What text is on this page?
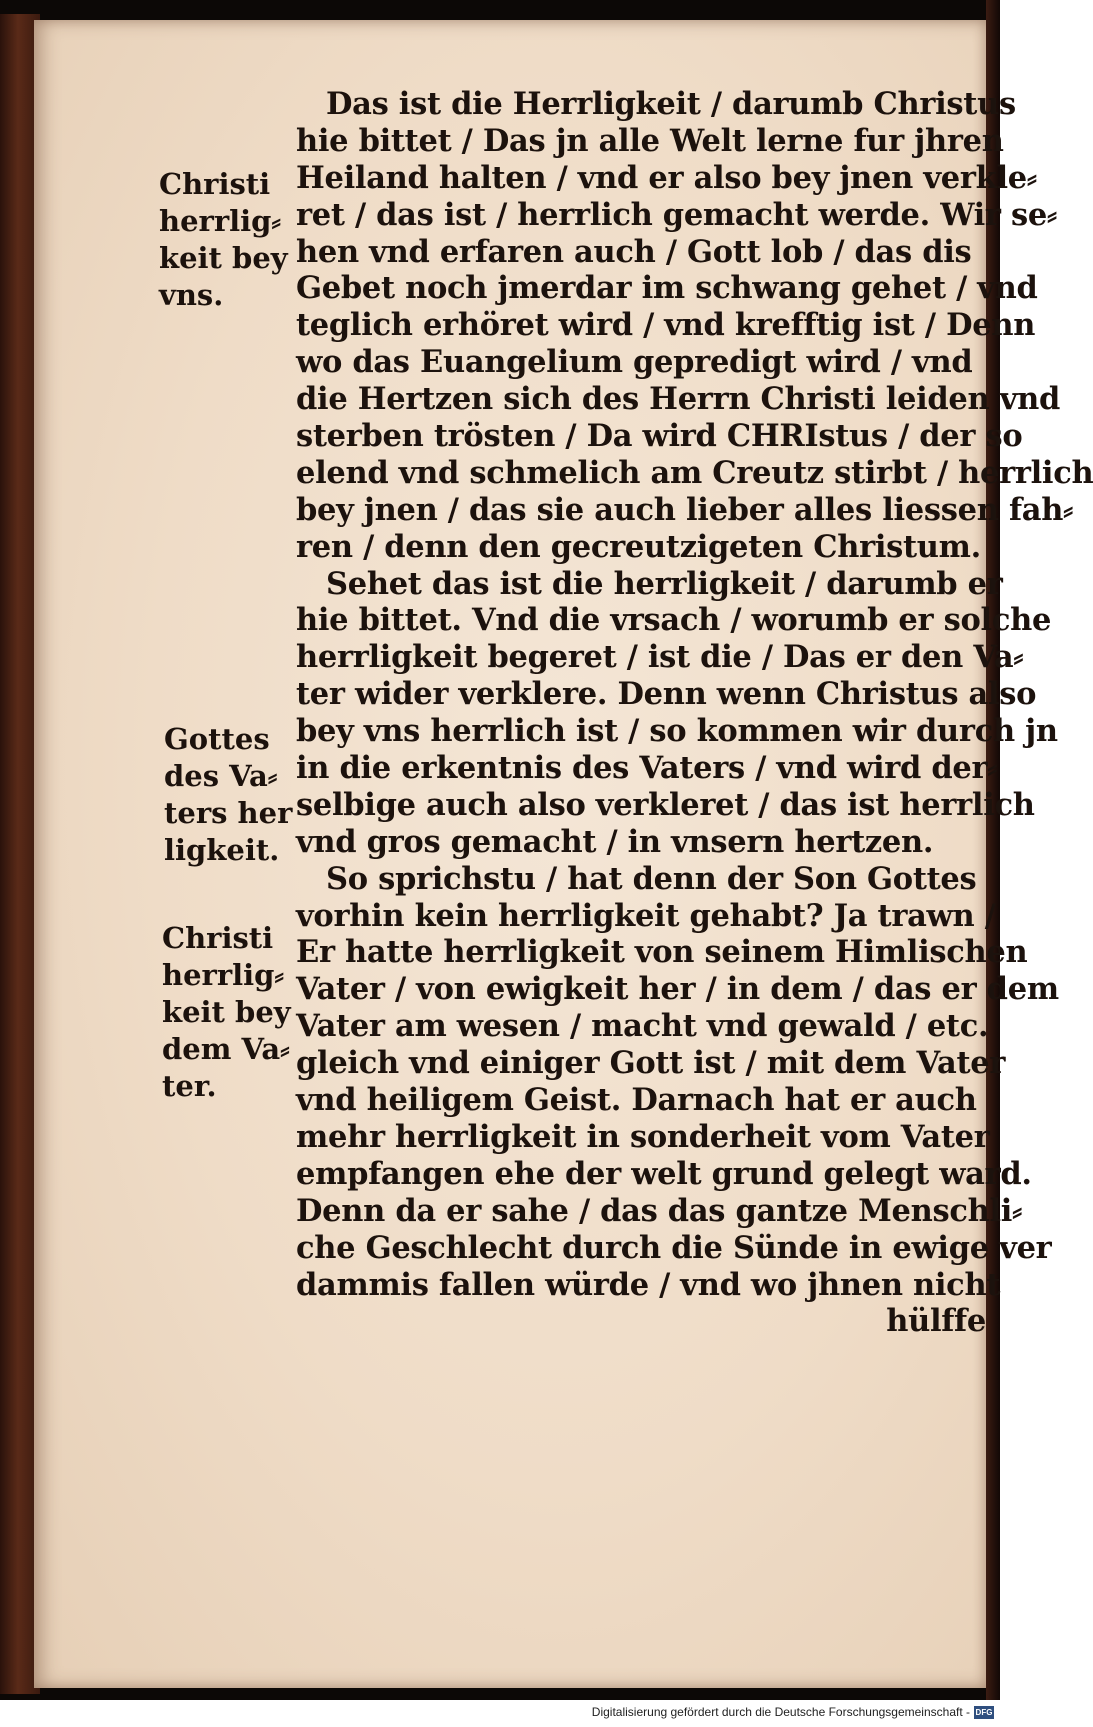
Christi
herrlig⸗
keit bey
vns.
Gottes
des Va⸗
ters her
ligkeit.
Christi
herrlig⸗
keit bey
dem Va⸗
ter.
Das ist die Herrligkeit / darumb Christus
hie bittet / Das jn alle Welt lerne fur jhren
Heiland halten / vnd er also bey jnen verkle⸗
ret / das ist / herrlich gemacht werde. Wir se⸗
hen vnd erfaren auch / Gott lob / das dis
Gebet noch jmerdar im schwang gehet / vnd
teglich erhöret wird / vnd krefftig ist / Denn
wo das Euangelium gepredigt wird / vnd
die Hertzen sich des Herrn Christi leiden vnd
sterben trösten / Da wird CHRIstus / der so
elend vnd schmelich am Creutz stirbt / herrlich
bey jnen / das sie auch lieber alles liessen fah⸗
ren / denn den gecreutzigeten Christum.
Sehet das ist die herrligkeit / darumb er
hie bittet. Vnd die vrsach / worumb er solche
herrligkeit begeret / ist die / Das er den Va⸗
ter wider verklere. Denn wenn Christus also
bey vns herrlich ist / so kommen wir durch jn
in die erkentnis des Vaters / vnd wird der⸗
selbige auch also verkleret / das ist herrlich
vnd gros gemacht / in vnsern hertzen.
So sprichstu / hat denn der Son Gottes
vorhin kein herrligkeit gehabt? Ja trawn /
Er hatte herrligkeit von seinem Himlischen
Vater / von ewigkeit her / in dem / das er dem
Vater am wesen / macht vnd gewald / etc.
gleich vnd einiger Gott ist / mit dem Vater
vnd heiligem Geist. Darnach hat er auch
mehr herrligkeit in sonderheit vom Vater
empfangen ehe der welt grund gelegt ward.
Denn da er sahe / das das gantze Menschli⸗
che Geschlecht durch die Sünde in ewige ver
dammis fallen würde / vnd wo jhnen nicht
hülffe
Digitalisierung gefördert durch die Deutsche Forschungsgemeinschaft - DFG
